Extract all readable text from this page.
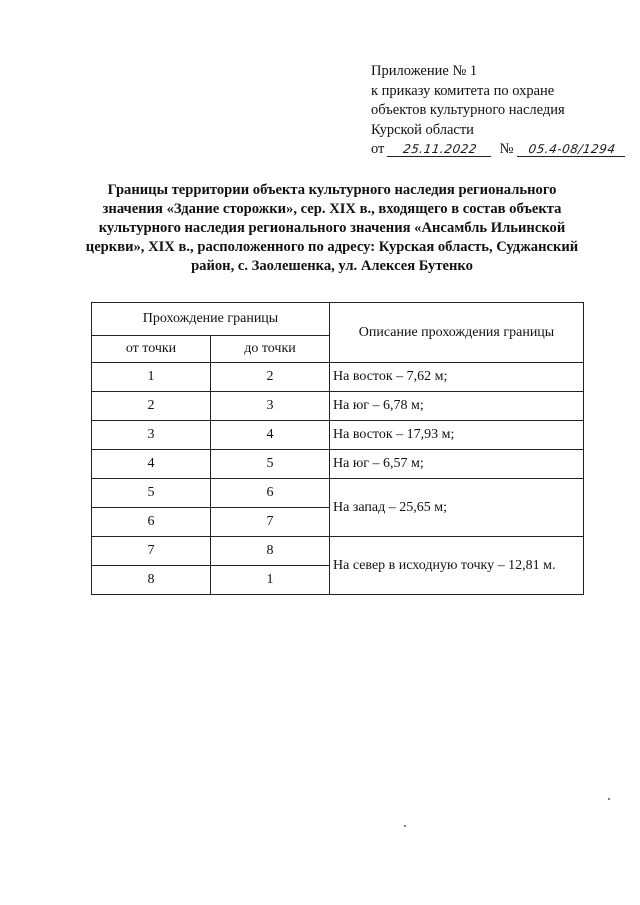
Приложение № 1
к приказу комитета по охране
объектов культурного наследия
Курской области
от 25.11.2022 № 05.4-08/1294
Границы территории объекта культурного наследия регионального значения «Здание сторожки», сер. XIX в., входящего в состав объекта культурного наследия регионального значения «Ансамбль Ильинской церкви», XIX в., расположенного по адресу: Курская область, Суджанский район, с. Заолешенка, ул. Алексея Бутенко
Прохождение границы		Описание прохождения границы
от точки	до точки	
1	2	На восток – 7,62 м;
2	3	На юг – 6,78 м;
3	4	На восток – 17,93 м;
4	5	На юг – 6,57 м;
5	6	На запад – 25,65 м;
6	7	
7	8	На север в исходную точку – 12,81 м.
8	1	
